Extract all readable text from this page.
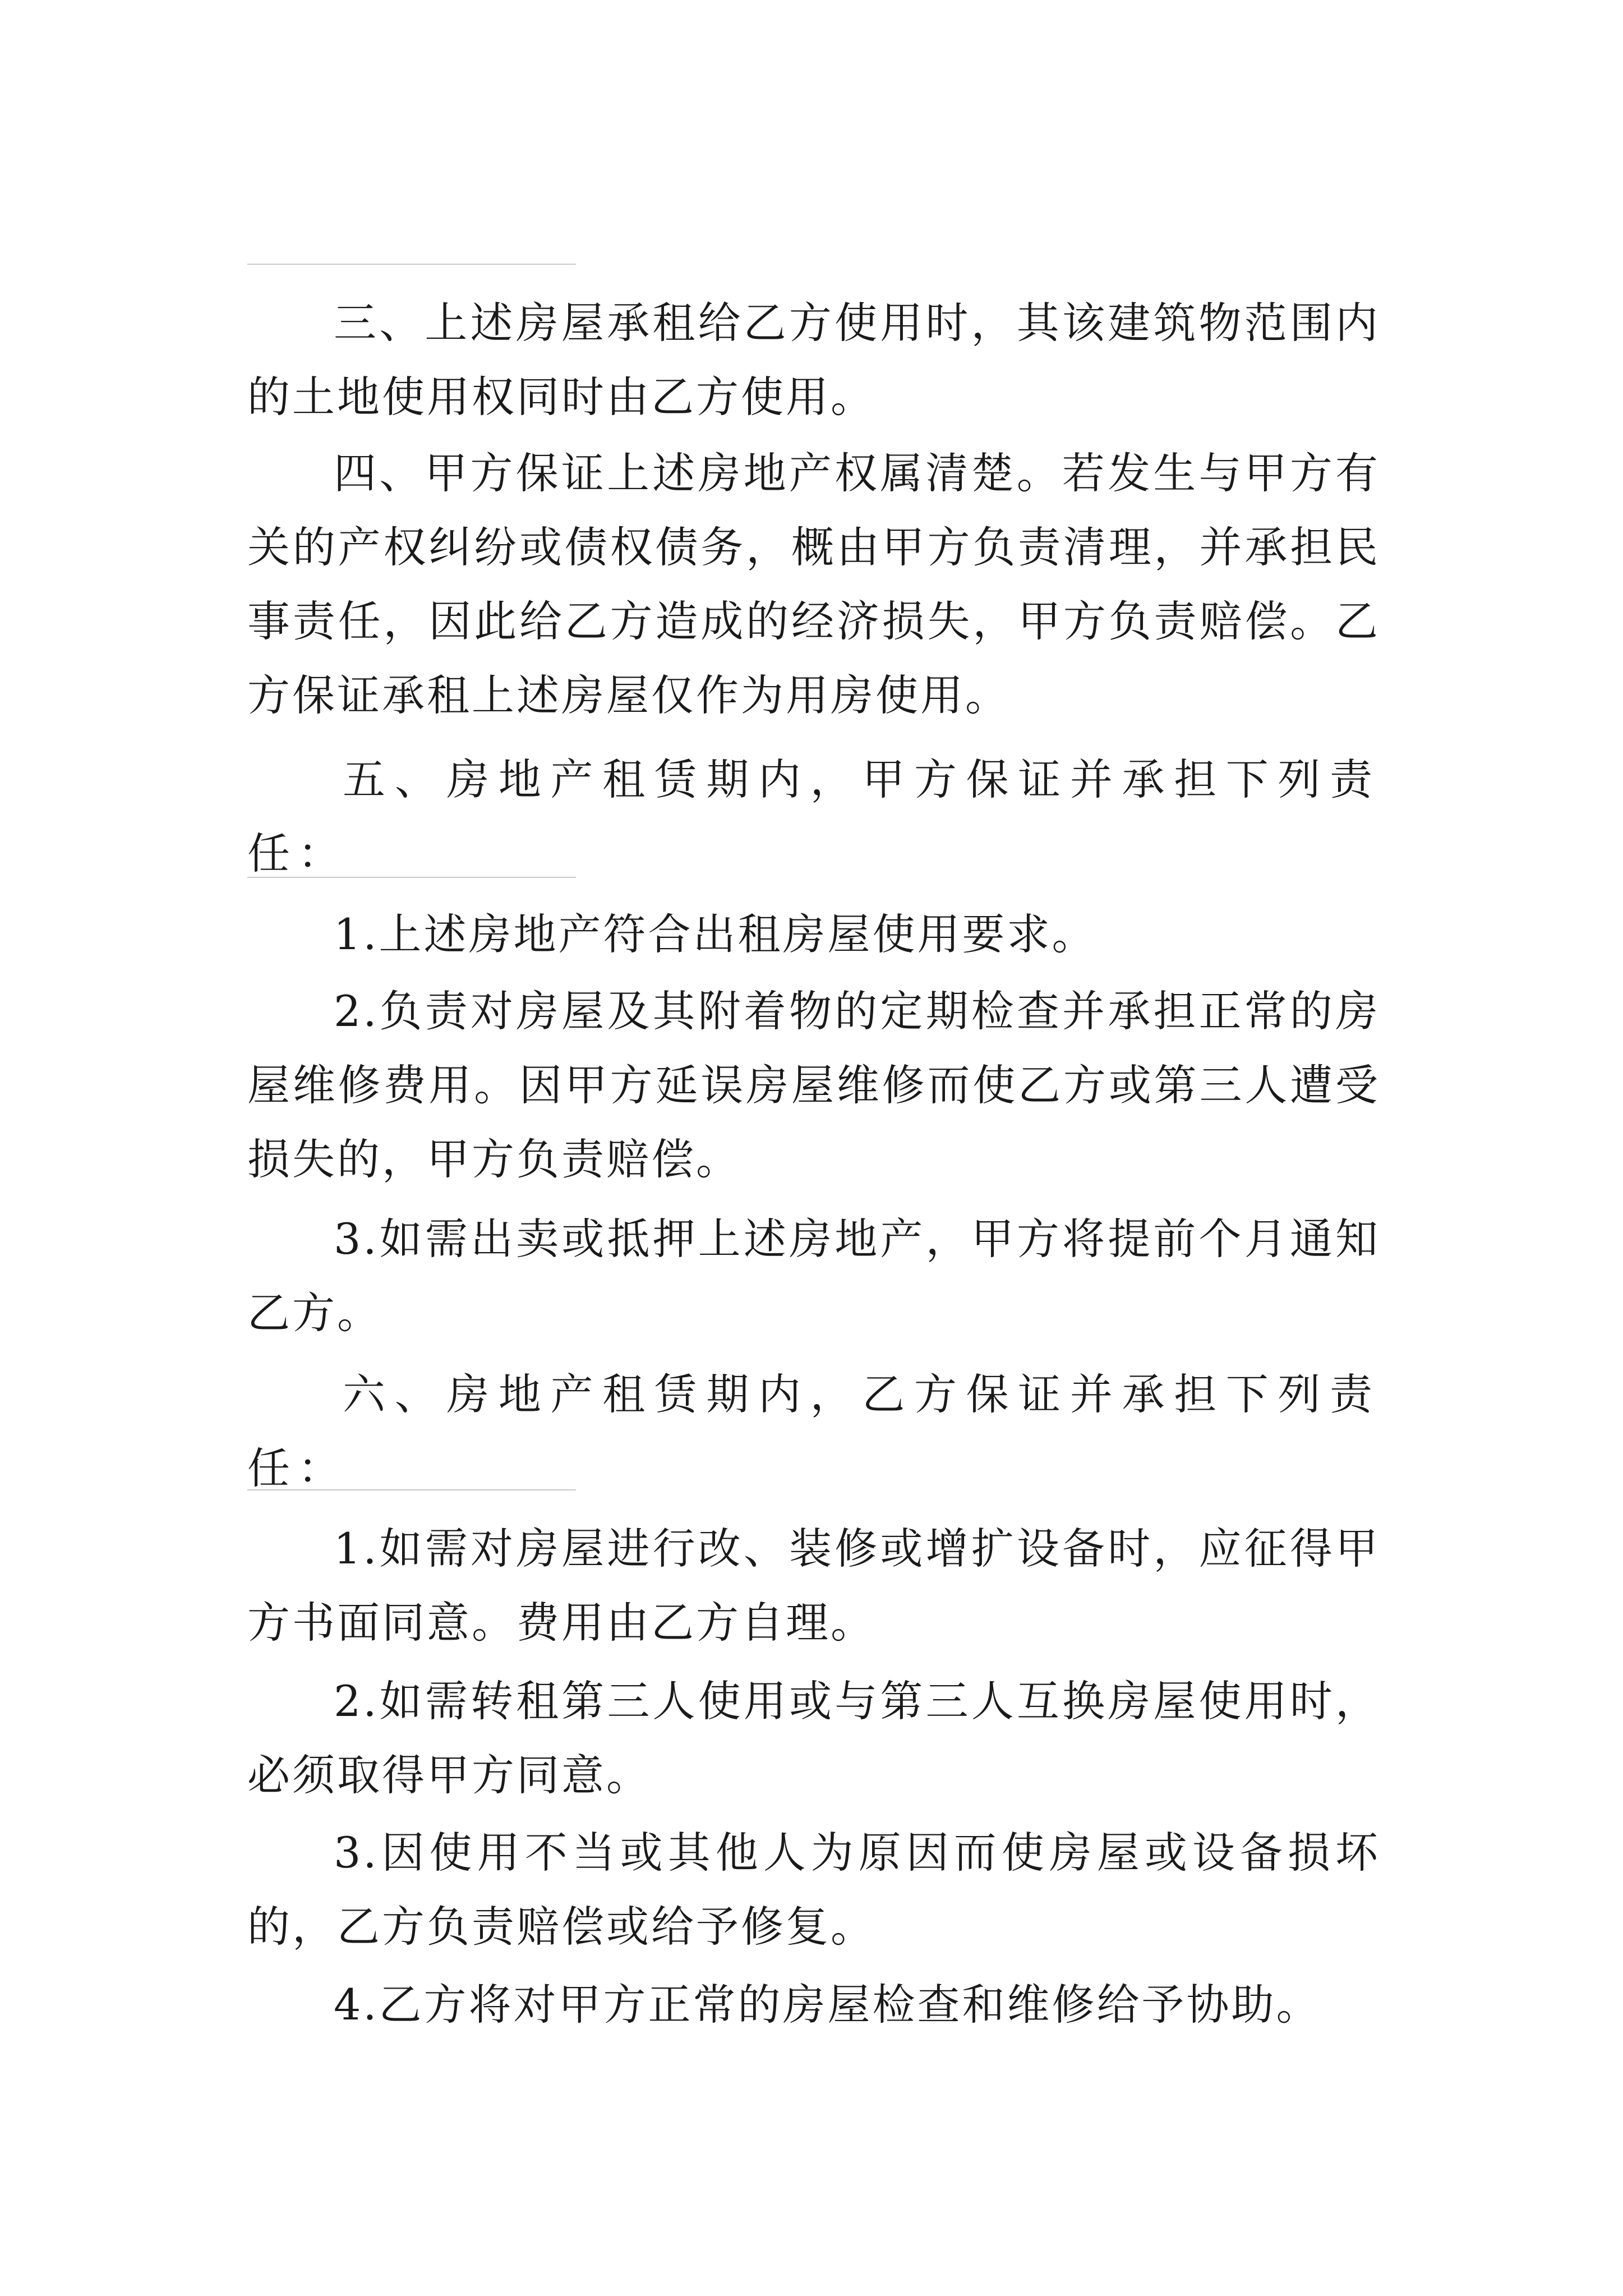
三、上述房屋承租给乙方使用时，其该建筑物范围内的土地使用权同时由乙方使用。

四、甲方保证上述房地产权属清楚。若发生与甲方有关的产权纠纷或债权债务，概由甲方负责清理，并承担民事责任，因此给乙方造成的经济损失，甲方负责赔偿。乙方保证承租上述房屋仅作为用房使用。

五、房地产租赁期内，甲方保证并承担下列责任：

1.上述房地产符合出租房屋使用要求。

2.负责对房屋及其附着物的定期检查并承担正常的房屋维修费用。因甲方延误房屋维修而使乙方或第三人遭受损失的，甲方负责赔偿。

3.如需出卖或抵押上述房地产，甲方将提前个月通知乙方。

六、房地产租赁期内，乙方保证并承担下列责任：

1.如需对房屋进行改、装修或增扩设备时，应征得甲方书面同意。费用由乙方自理。

2.如需转租第三人使用或与第三人互换房屋使用时，必须取得甲方同意。

3.因使用不当或其他人为原因而使房屋或设备损坏的，乙方负责赔偿或给予修复。

4.乙方将对甲方正常的房屋检查和维修给予协助。
